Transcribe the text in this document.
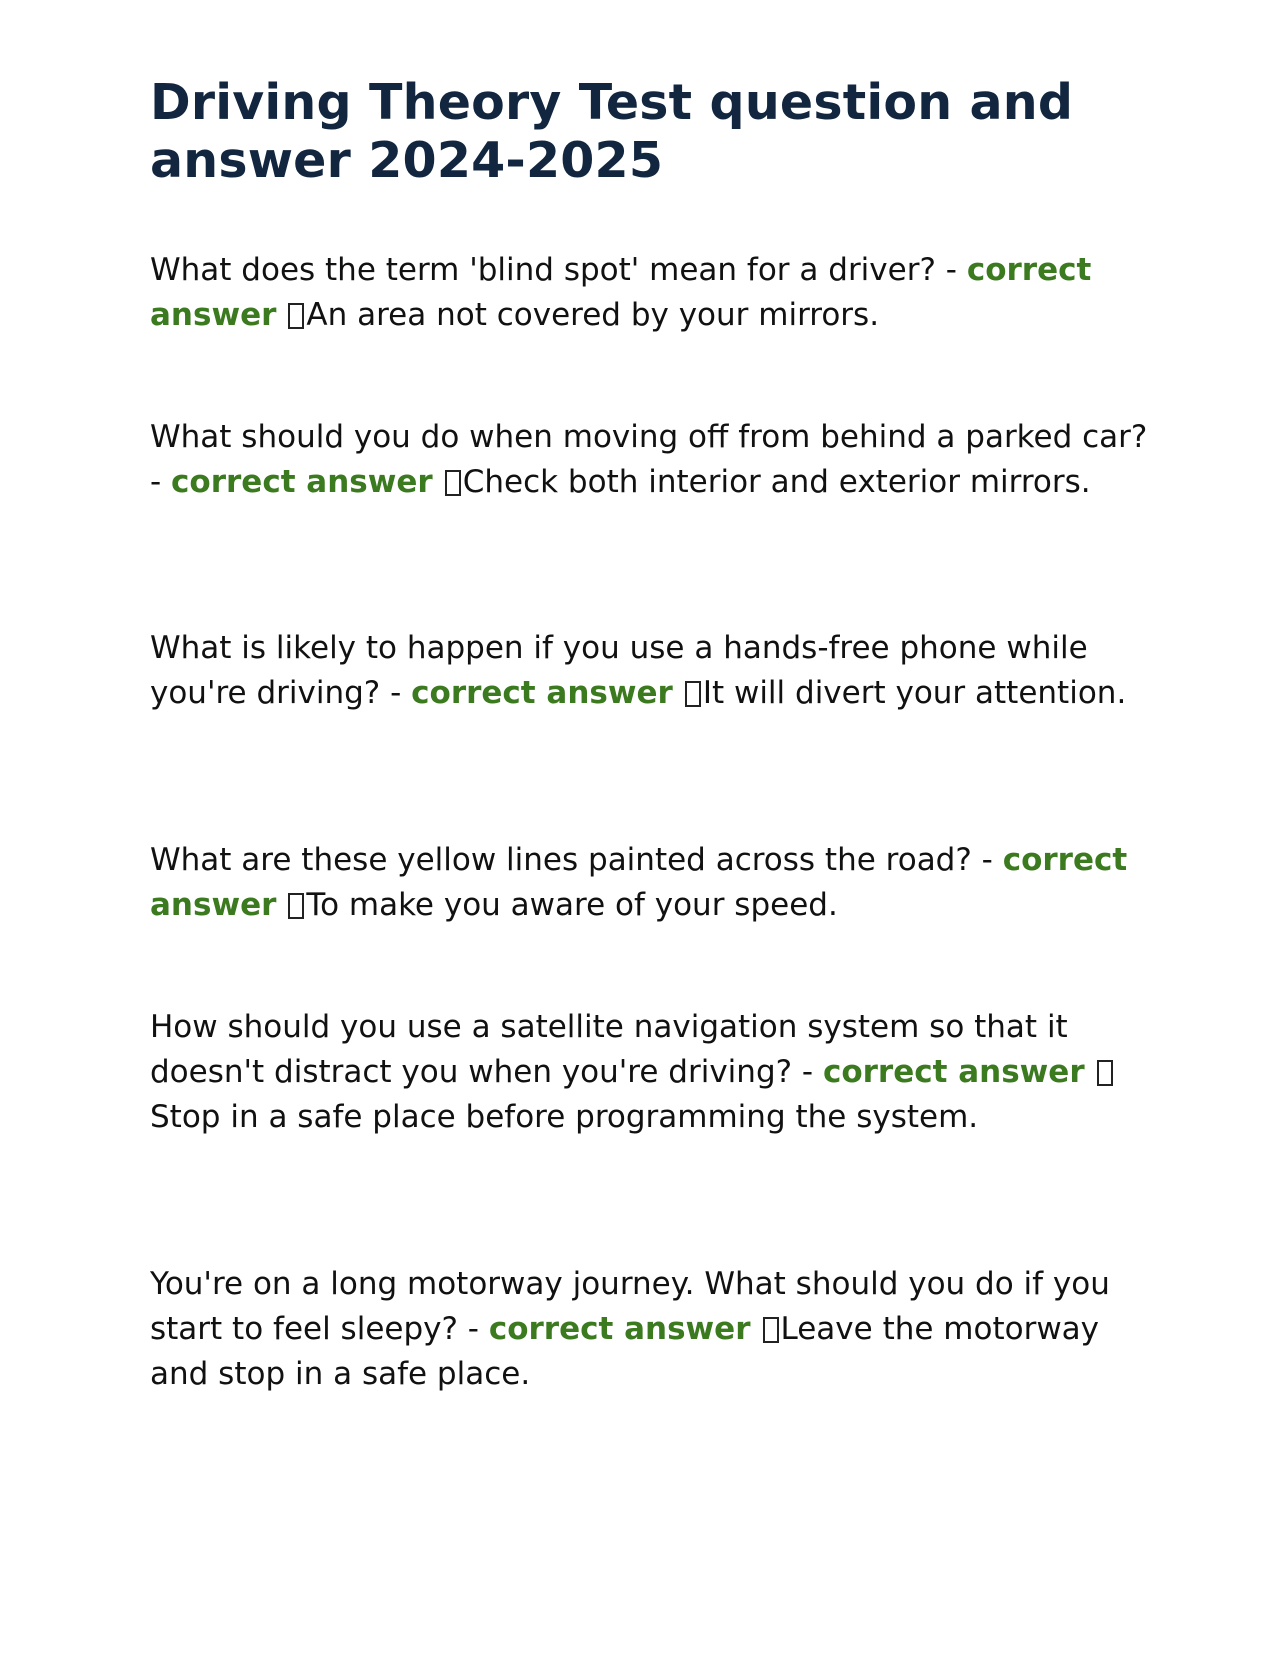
Driving Theory Test question and answer 2024-2025

What does the term 'blind spot' mean for a driver? - correct answer An area not covered by your mirrors.

What should you do when moving off from behind a parked car? - correct answer Check both interior and exterior mirrors.

What is likely to happen if you use a hands-free phone while you're driving? - correct answer It will divert your attention.

What are these yellow lines painted across the road? - correct answer To make you aware of your speed.

How should you use a satellite navigation system so that it doesn't distract you when you're driving? - correct answerStop in a safe place before programming the system.

You're on a long motorway journey. What should you do if you start to feel sleepy? - correct answer Leave the motorway and stop in a safe place.
